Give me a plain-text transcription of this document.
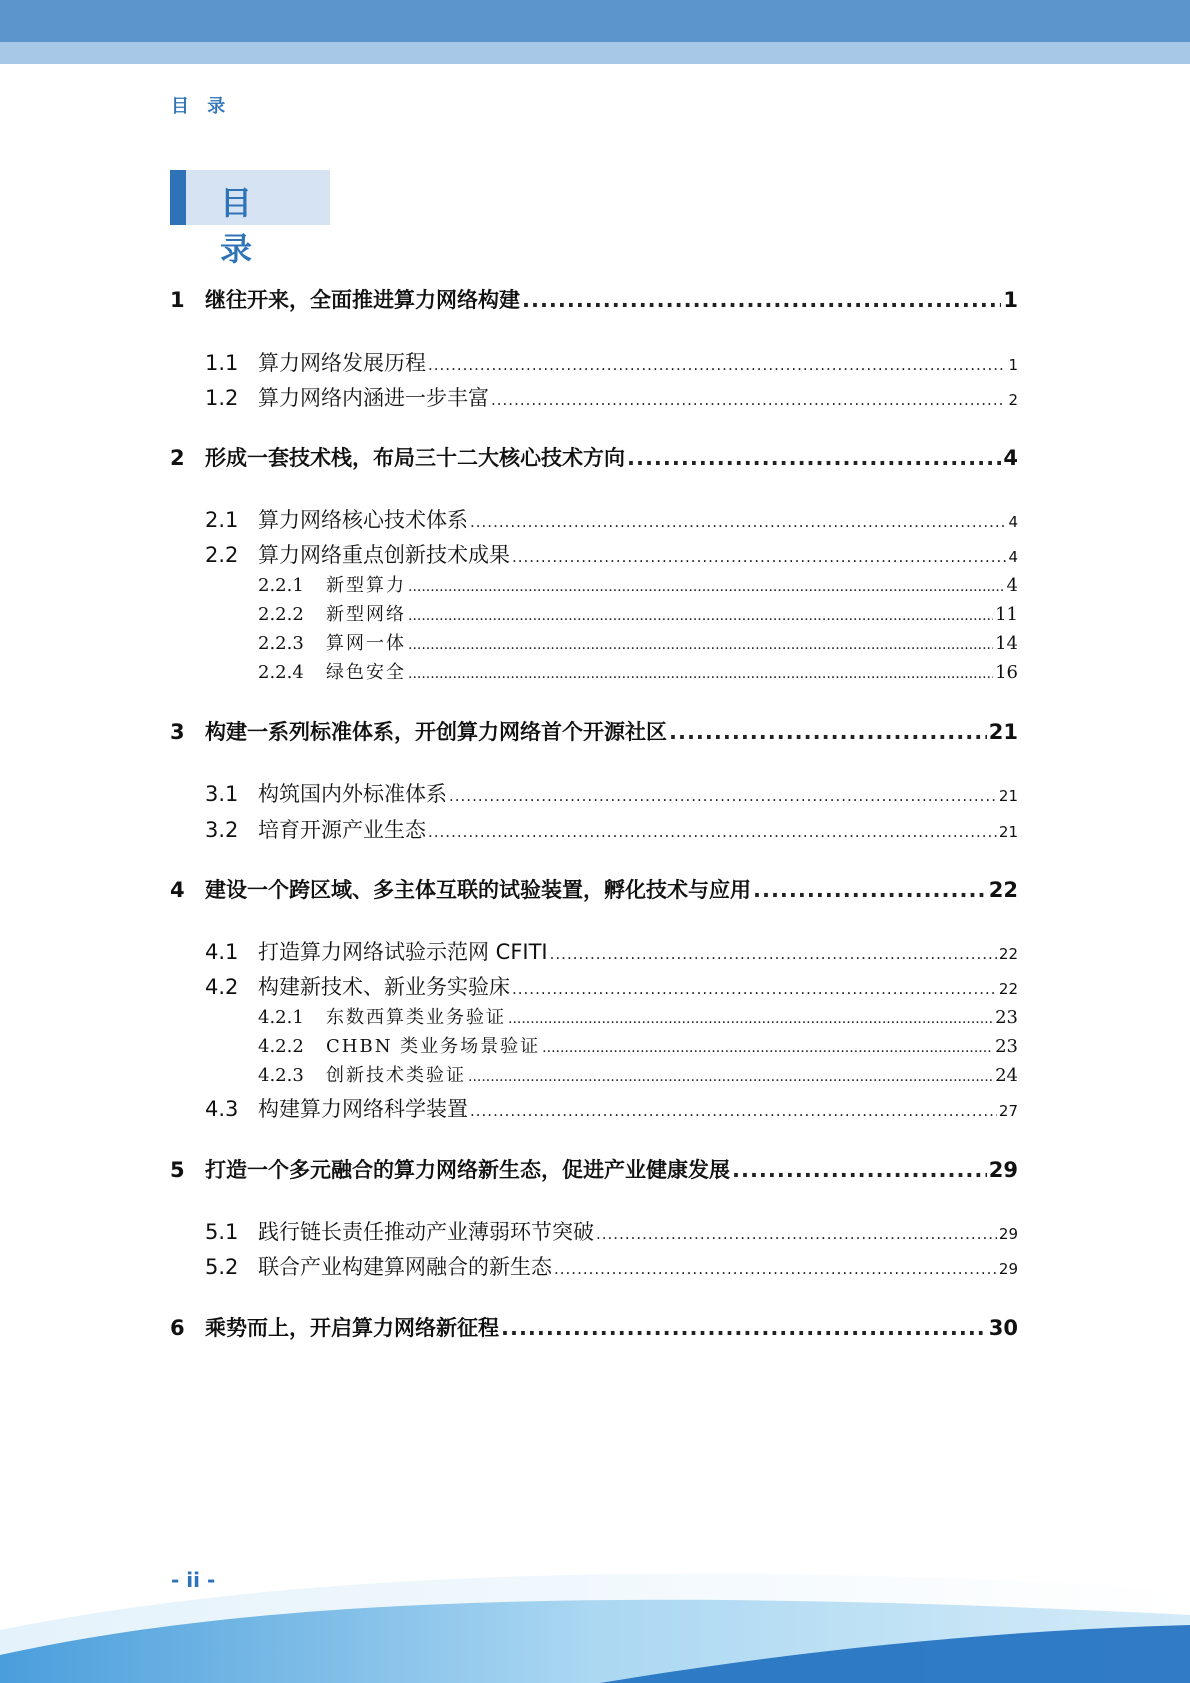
目 录
目 录
1 继往开来，全面推进算力网络构建 .....	1
1.1 算力网络发展历程 .....	1
1.2 算力网络内涵进一步丰富 .....	2
2 形成一套技术栈，布局三十二大核心技术方向 .....	4
2.1 算力网络核心技术体系 .....	4
2.2 算力网络重点创新技术成果 .....	4
2.2.1	新型算力 .....	4
2.2.2	新型网络 .....	11
2.2.3	算网一体 .....	14
2.2.4	绿色安全 .....	16
3 构建一系列标准体系，开创算力网络首个开源社区 .....	21
3.1 构筑国内外标准体系 .....	21
3.2 培育开源产业生态 .....	21
4 建设一个跨区域、多主体互联的试验装置，孵化技术与应用 .....	22
4.1 打造算力网络试验示范网 CFITI .....	22
4.2 构建新技术、新业务实验床 .....	22
4.2.1	东数西算类业务验证 .....	23
4.2.2	CHBN 类业务场景验证 .....	23
4.2.3	创新技术类验证 .....	24
4.3 构建算力网络科学装置 .....	27
5 打造一个多元融合的算力网络新生态，促进产业健康发展 .....	29
5.1 践行链长责任推动产业薄弱环节突破 .....	29
5.2 联合产业构建算网融合的新生态 .....	29
6 乘势而上，开启算力网络新征程 .....	30
- ii -
